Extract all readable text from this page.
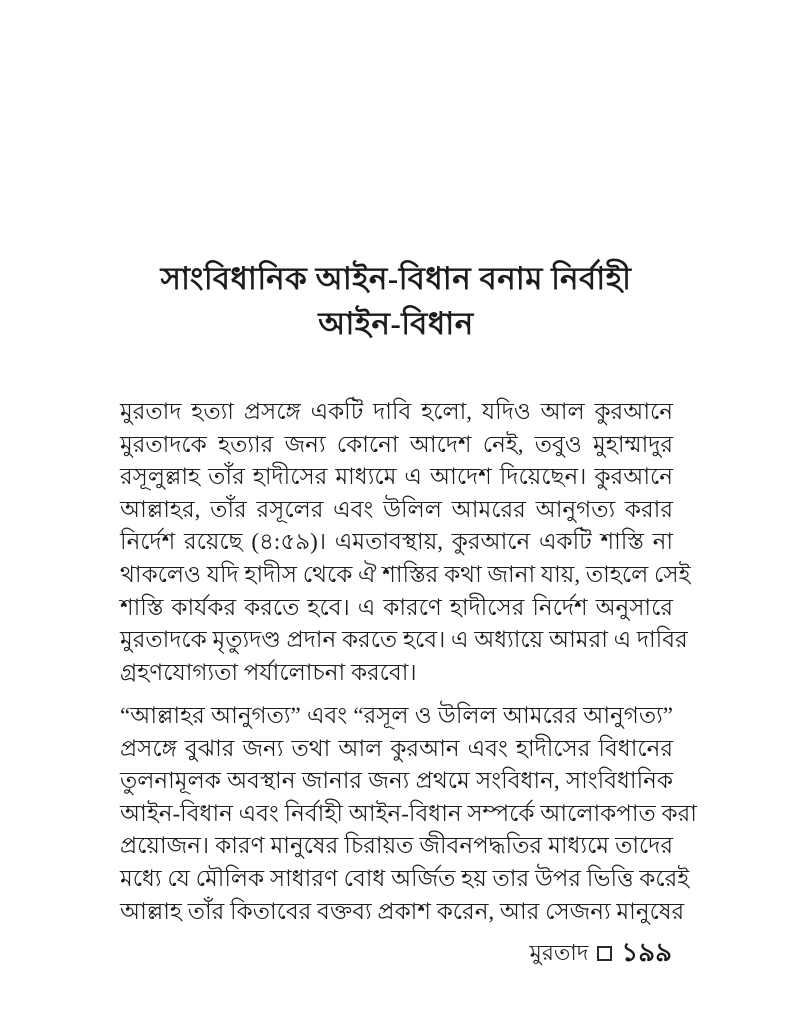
সাংবিধানিক আইন-বিধান বনাম নির্বাহী
আইন-বিধান
মুরতাদ হত্যা প্রসঙ্গে একটি দাবি হলো, যদিও আল কুরআনে
মুরতাদকে হত্যার জন্য কোনো আদেশ নেই, তবুও মুহাম্মাদুর
রসূলুল্লাহ তাঁর হাদীসের মাধ্যমে এ আদেশ দিয়েছেন। কুরআনে
আল্লাহর, তাঁর রসূলের এবং উলিল আমরের আনুগত্য করার
নির্দেশ রয়েছে (৪:৫৯)। এমতাবস্থায়, কুরআনে একটি শাস্তি না
থাকলেও যদি হাদীস থেকে ঐ শাস্তির কথা জানা যায়, তাহলে সেই
শাস্তি কার্যকর করতে হবে। এ কারণে হাদীসের নির্দেশ অনুসারে
মুরতাদকে মৃত্যুদণ্ড প্রদান করতে হবে। এ অধ্যায়ে আমরা এ দাবির
গ্রহণযোগ্যতা পর্যালোচনা করবো।
“আল্লাহর আনুগত্য” এবং “রসূল ও উলিল আমরের আনুগত্য”
প্রসঙ্গে বুঝার জন্য তথা আল কুরআন এবং হাদীসের বিধানের
তুলনামূলক অবস্থান জানার জন্য প্রথমে সংবিধান, সাংবিধানিক
আইন-বিধান এবং নির্বাহী আইন-বিধান সম্পর্কে আলোকপাত করা
প্রয়োজন। কারণ মানুষের চিরায়ত জীবনপদ্ধতির মাধ্যমে তাদের
মধ্যে যে মৌলিক সাধারণ বোধ অর্জিত হয় তার উপর ভিত্তি করেই
আল্লাহ তাঁর কিতাবের বক্তব্য প্রকাশ করেন, আর সেজন্য মানুষের
মুরতাদ ১৯৯
